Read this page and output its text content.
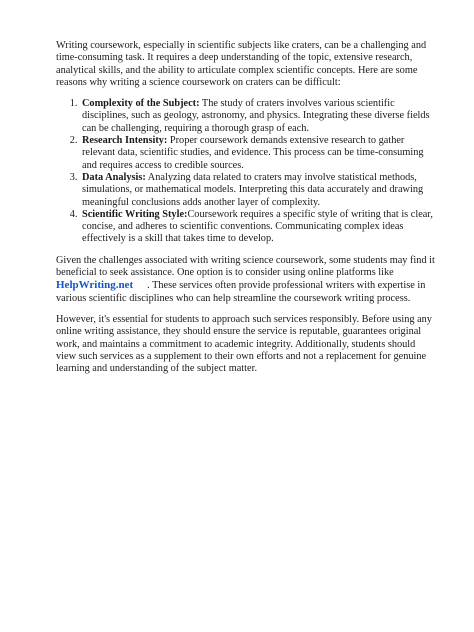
Writing coursework, especially in scientific subjects like craters, can be a challenging and time-consuming task. It requires a deep understanding of the topic, extensive research, analytical skills, and the ability to articulate complex scientific concepts. Here are some reasons why writing a science coursework on craters can be difficult:

1. Complexity of the Subject: The study of craters involves various scientific disciplines, such as geology, astronomy, and physics. Integrating these diverse fields can be challenging, requiring a thorough grasp of each.
2. Research Intensity: Proper coursework demands extensive research to gather relevant data, scientific studies, and evidence. This process can be time-consuming and requires access to credible sources.
3. Data Analysis: Analyzing data related to craters may involve statistical methods, simulations, or mathematical models. Interpreting this data accurately and drawing meaningful conclusions adds another layer of complexity.
4. Scientific Writing Style:Coursework requires a specific style of writing that is clear, concise, and adheres to scientific conventions. Communicating complex ideas effectively is a skill that takes time to develop.

Given the challenges associated with writing science coursework, some students may find it beneficial to seek assistance. One option is to consider using online platforms like HelpWriting.net . These services often provide professional writers with expertise in various scientific disciplines who can help streamline the coursework writing process.

However, it's essential for students to approach such services responsibly. Before using any online writing assistance, they should ensure the service is reputable, guarantees original work, and maintains a commitment to academic integrity. Additionally, students should view such services as a supplement to their own efforts and not a replacement for genuine learning and understanding of the subject matter.
